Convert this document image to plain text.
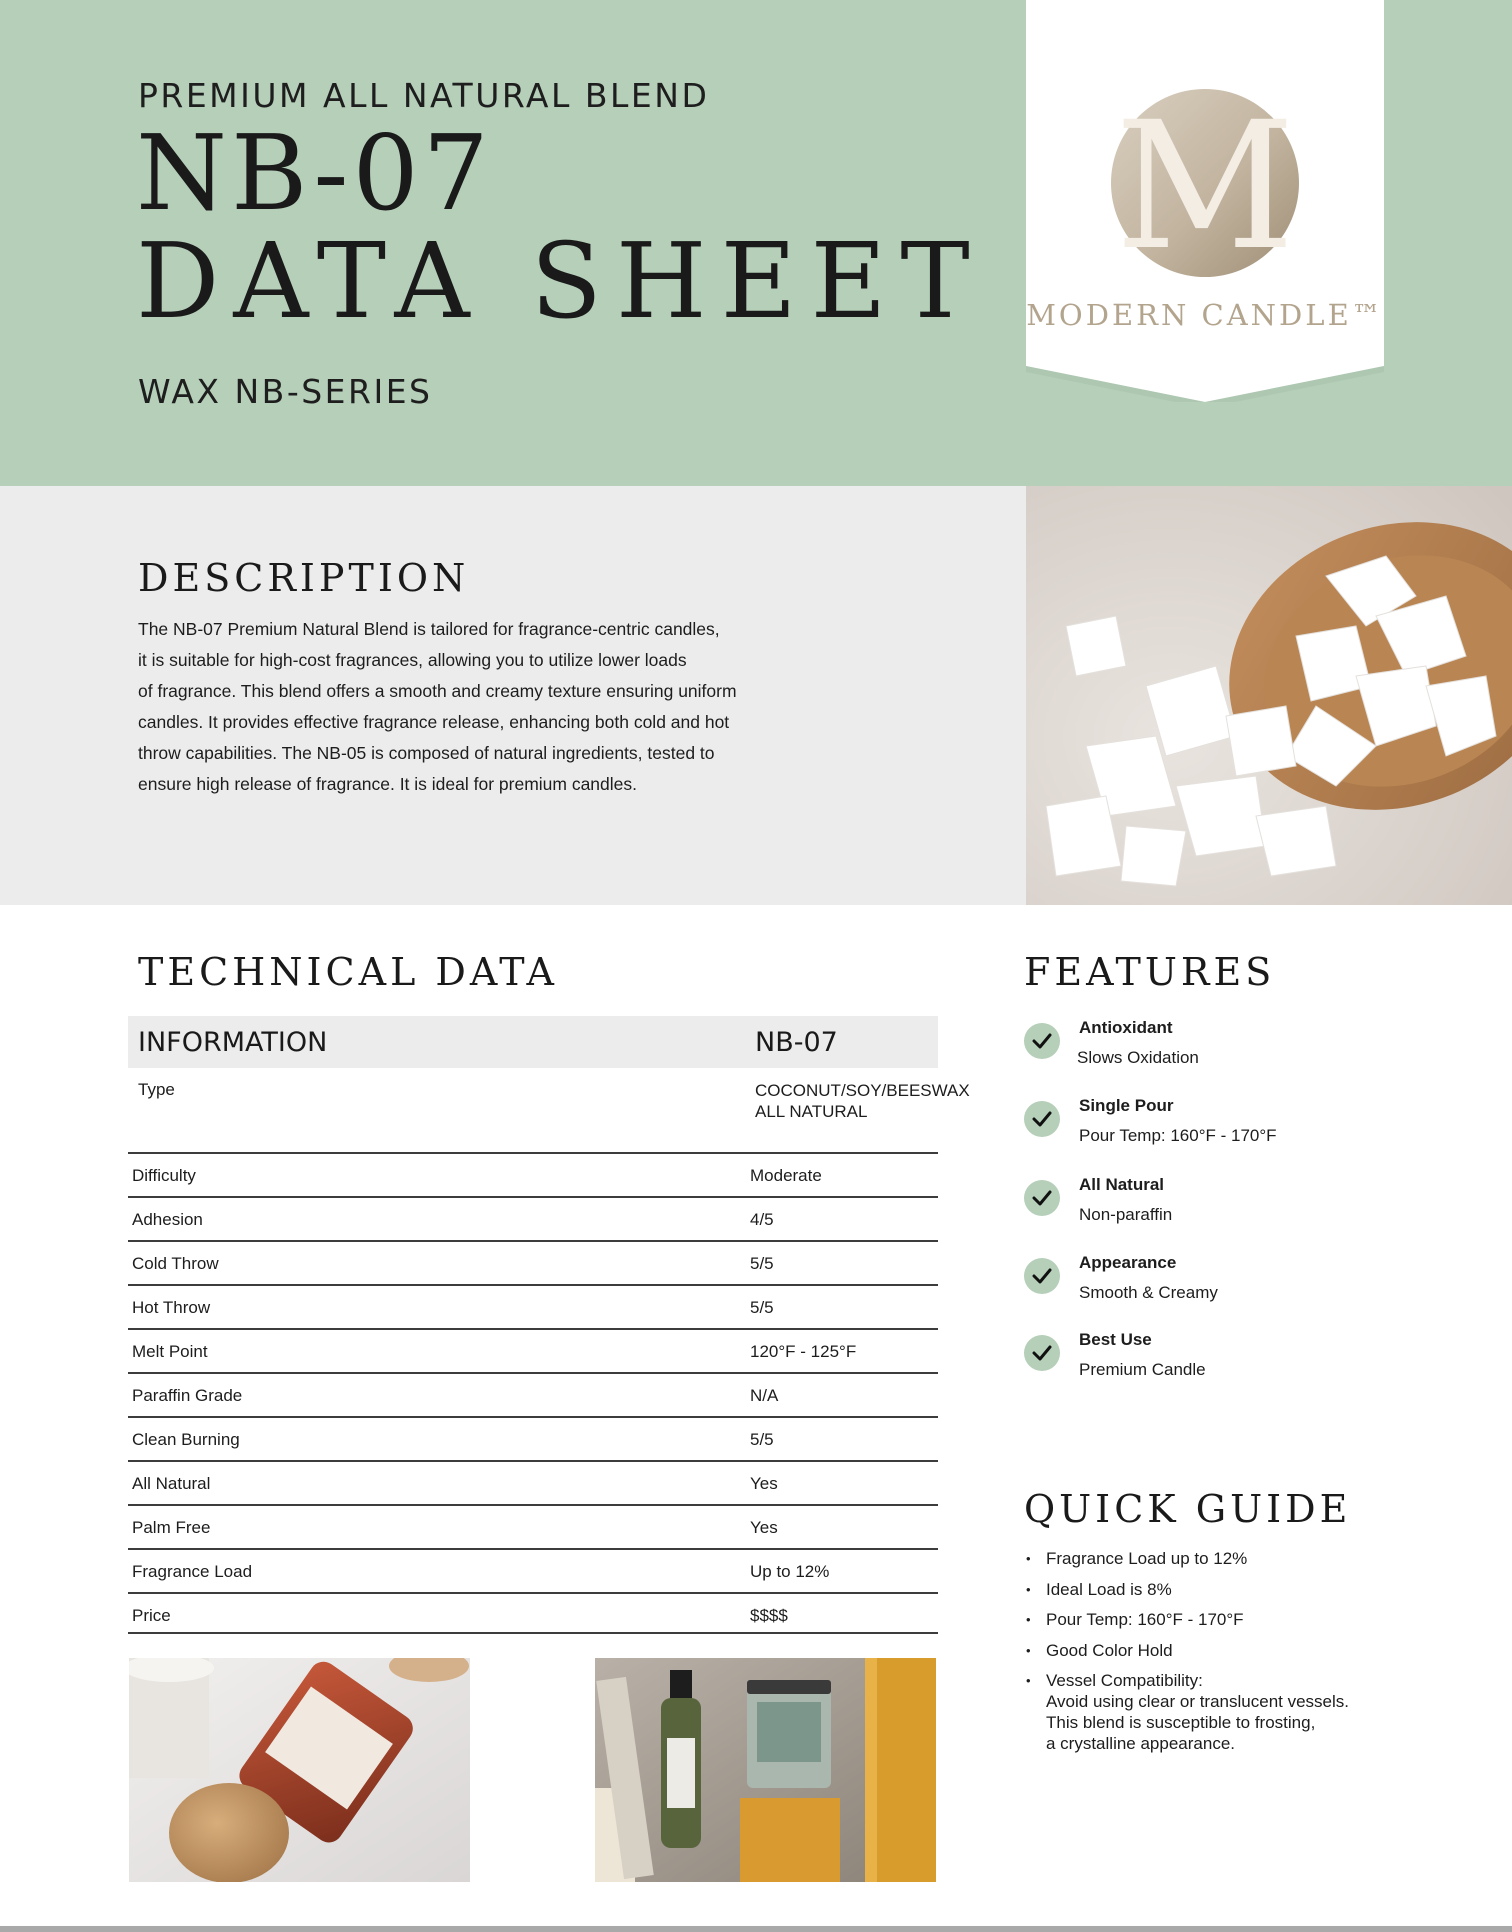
PREMIUM ALL NATURAL BLEND
NB-07
DATA SHEET
WAX NB-SERIES
M
MODERN CANDLE™
DESCRIPTION
The NB-07 Premium Natural Blend is tailored for fragrance-centric candles,
it is suitable for high-cost fragrances, allowing you to utilize lower loads
of fragrance. This blend offers a smooth and creamy texture ensuring uniform
candles. It provides effective fragrance release, enhancing both cold and hot
throw capabilities. The NB-05 is composed of natural ingredients, tested to
ensure high release of fragrance. It is ideal for premium candles.
TECHNICAL DATA
INFORMATION	NB-07
Type	COCONUT/SOY/BEESWAX
ALL NATURAL
Difficulty	Moderate
Adhesion	4/5
Cold Throw	5/5
Hot Throw	5/5
Melt Point	120°F - 125°F
Paraffin Grade	N/A
Clean Burning	5/5
All Natural	Yes
Palm Free	Yes
Fragrance Load	Up to 12%
Price	$$$$
FEATURES
Antioxidant
Slows Oxidation
Single Pour
Pour Temp: 160°F - 170°F
All Natural
Non-paraffin
Appearance
Smooth & Creamy
Best Use
Premium Candle
QUICK GUIDE
• Fragrance Load up to 12%
• Ideal Load is 8%
• Pour Temp: 160°F - 170°F
• Good Color Hold
• Vessel Compatibility:
Avoid using clear or translucent vessels.
This blend is susceptible to frosting,
a crystalline appearance.
